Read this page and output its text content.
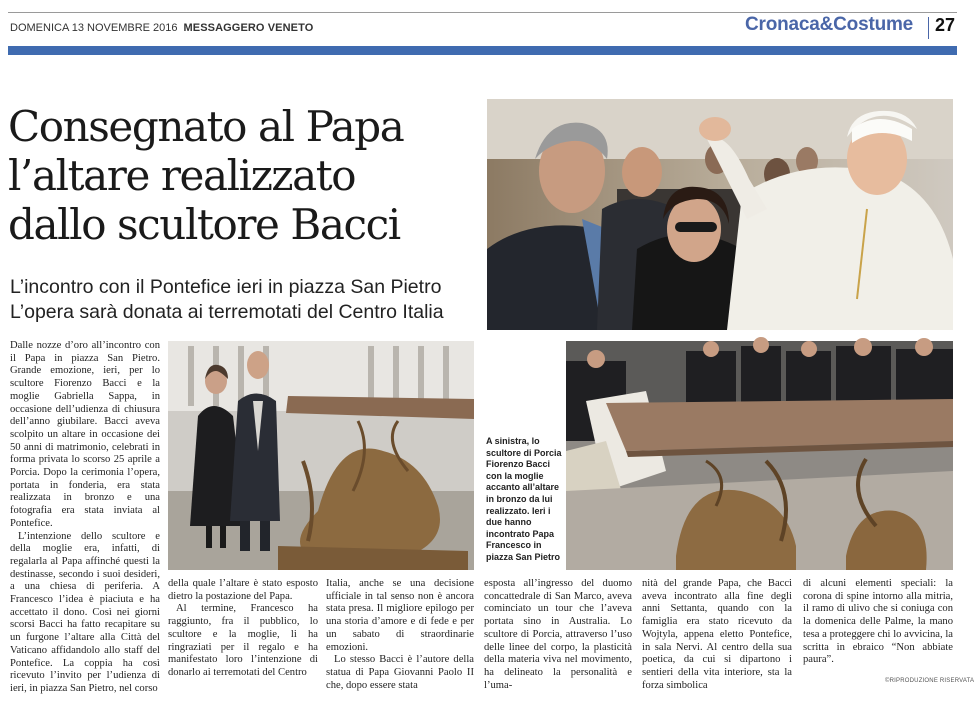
DOMENICA 13 NOVEMBRE 2016 MESSAGGERO VENETO	Cronaca&Costume 27
Consegnato al Papa
l’altare realizzato
dallo scultore Bacci
L’incontro con il Pontefice ieri in piazza San Pietro
L’opera sarà donata ai terremotati del Centro Italia
A sinistra, lo scultore di Porcia Fiorenzo Bacci con la moglie accanto all’altare in bronzo da lui realizzato. Ieri i due hanno incontrato Papa Francesco in piazza San Pietro

Dalle nozze d’oro all’incontro con il Papa in piazza San Pietro. Grande emozione, ieri, per lo scultore Fiorenzo Bacci e la moglie Gabriella Sappa, in occasione dell’udienza di chiusura dell’anno giubilare. Bacci aveva scolpito un altare in occasione dei 50 anni di matrimonio, celebrati in forma privata lo scorso 25 aprile a Porcia. Dopo la cerimonia l’opera, portata in fonderia, era stata realizzata in bronzo e una fotografia era stata inviata al Pontefice.

L’intenzione dello scultore e della moglie era, infatti, di regalarla al Papa affinché questi la destinasse, secondo i suoi desideri, a una chiesa di periferia. A Francesco l’idea è piaciuta e ha accettato il dono. Così nei giorni scorsi Bacci ha fatto recapitare su un furgone l’altare alla Città del Vaticano affidandolo allo staff del Pontefice. La coppia ha così ricevuto l’invito per l’udienza di ieri, in piazza San Pietro, nel corso

della quale l’altare è stato esposto dietro la postazione del Papa.

Al termine, Francesco ha raggiunto, fra il pubblico, lo scultore e la moglie, li ha ringraziati per il regalo e ha manifestato loro l’intenzione di donarlo ai terremotati del Centro

Italia, anche se una decisione ufficiale in tal senso non è ancora stata presa. Il migliore epilogo per una storia d’amore e di fede e per un sabato di straordinarie emozioni.

Lo stesso Bacci è l’autore della statua di Papa Giovanni Paolo II che, dopo essere stata

esposta all’ingresso del duomo concattedrale di San Marco, aveva cominciato un tour che l’aveva portata sino in Australia. Lo scultore di Porcia, attraverso l’uso delle linee del corpo, la plasticità della materia viva nel movimento, ha delineato la personalità e l’uma-

nità del grande Papa, che Bacci aveva incontrato alla fine degli anni Settanta, quando con la famiglia era stato ricevuto da Wojtyla, appena eletto Pontefice, in sala Nervi. Al centro della sua poetica, da cui si dipartono i sentieri della vita interiore, sta la forza simbolica

di alcuni elementi speciali: la corona di spine intorno alla mitria, il ramo di ulivo che si coniuga con la domenica delle Palme, la mano tesa a proteggere chi lo avvicina, la scritta in ebraico “Non abbiate paura”.

©RIPRODUZIONE RISERVATA
